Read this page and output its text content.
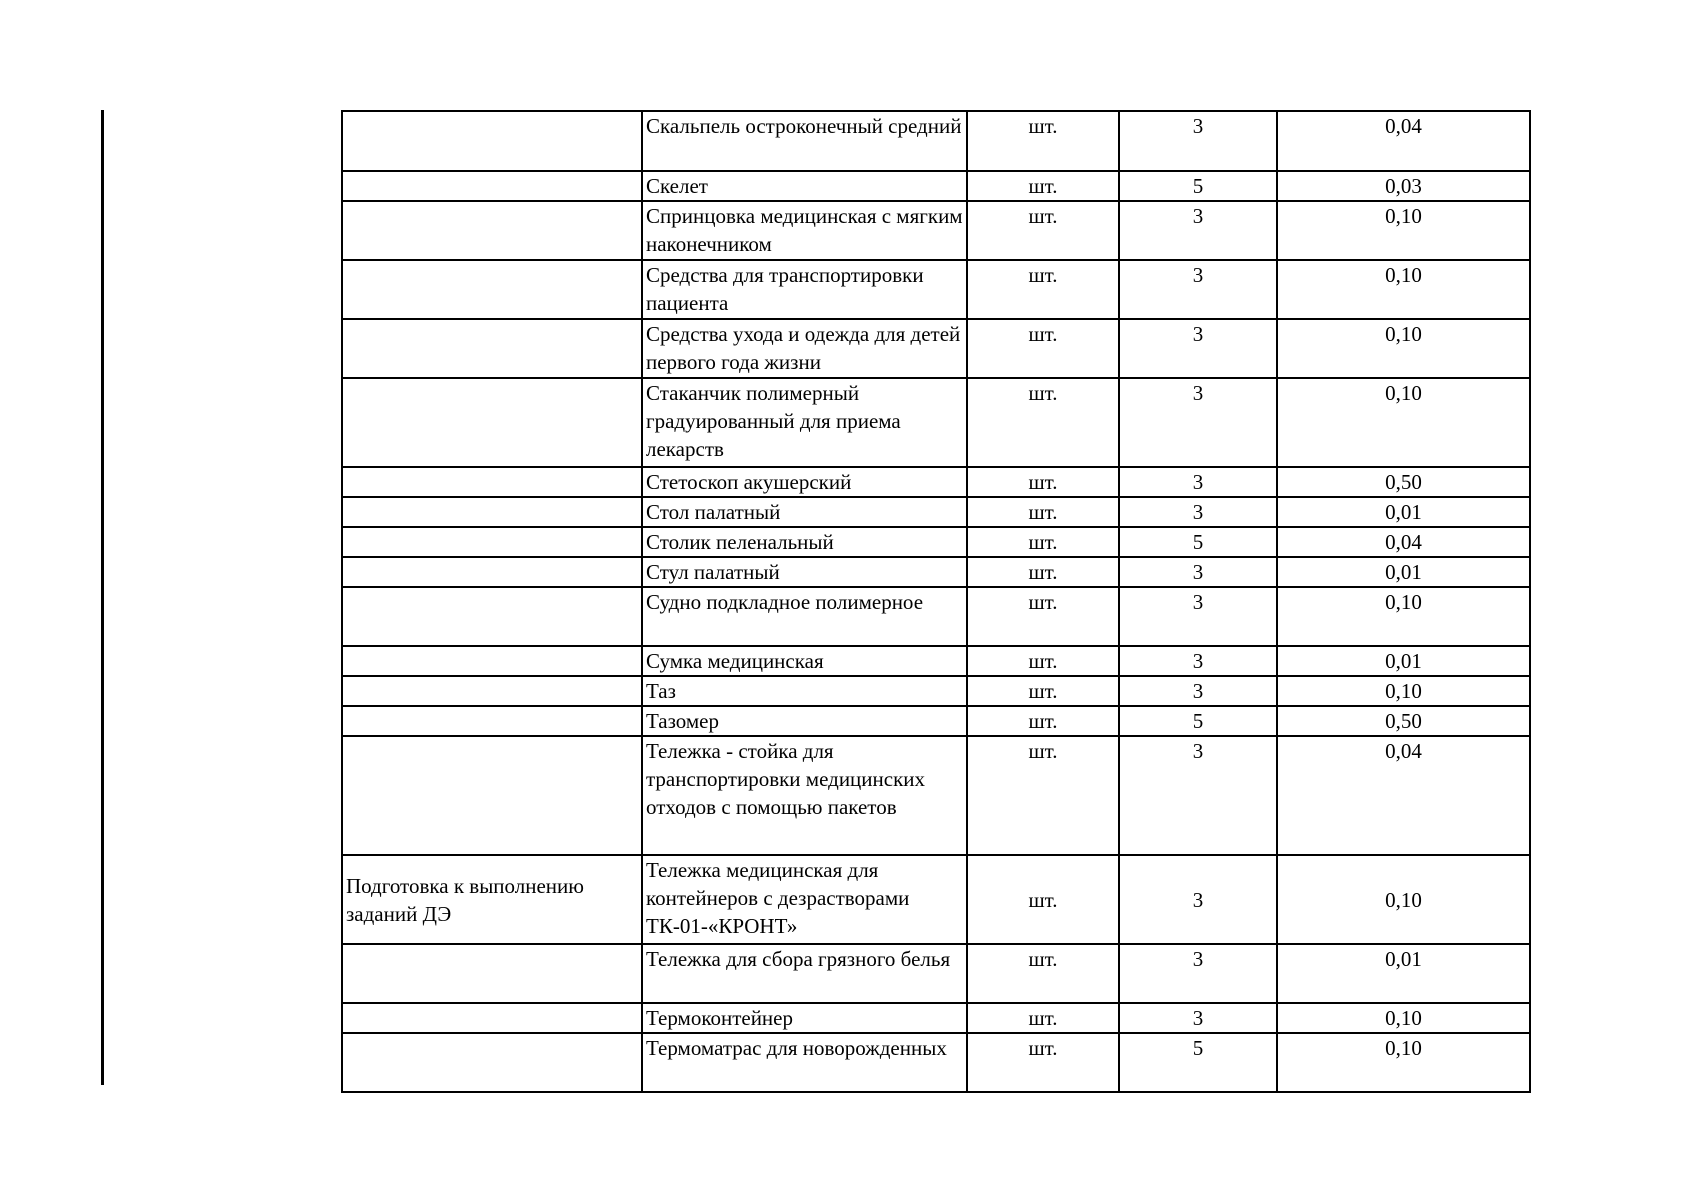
	Скальпель остроконечный средний	шт.	3	0,04
	Скелет	шт.	5	0,03
	Спринцовка медицинская с мягким наконечником	шт.	3	0,10
	Средства для транспортировки пациента	шт.	3	0,10
	Средства ухода и одежда для детей первого года жизни	шт.	3	0,10
	Стаканчик полимерный градуированный для приема лекарств	шт.	3	0,10
	Стетоскоп акушерский	шт.	3	0,50
	Стол палатный	шт.	3	0,01
	Столик пеленальный	шт.	5	0,04
	Стул палатный	шт.	3	0,01
	Судно подкладное полимерное	шт.	3	0,10
	Сумка медицинская	шт.	3	0,01
	Таз	шт.	3	0,10
	Тазомер	шт.	5	0,50
	Тележка - стойка для транспортировки медицинских отходов с помощью пакетов	шт.	3	0,04
Подготовка к выполнению заданий ДЭ	Тележка медицинская для контейнеров с дезрастворами ТК-01-«КРОНТ»	шт.	3	0,10
	Тележка для сбора грязного белья	шт.	3	0,01
	Термоконтейнер	шт.	3	0,10
	Термоматрас для новорожденных	шт.	5	0,10
